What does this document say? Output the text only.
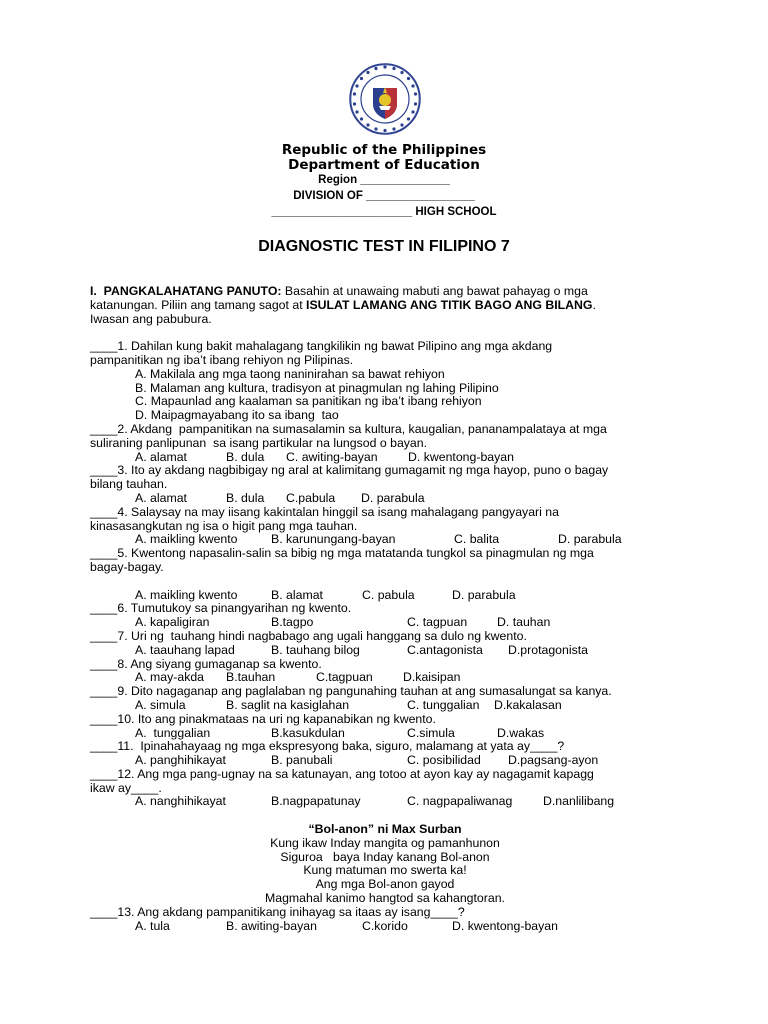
Republic of the Philippines
Department of Education
Region ______________
DIVISION OF _________________
______________________ HIGH SCHOOL
DIAGNOSTIC TEST IN FILIPINO 7
I.  PANGKALAHATANG PANUTO: Basahin at unawaing mabuti ang bawat pahayag o mga
katanungan. Piliin ang tamang sagot at ISULAT LAMANG ANG TITIK BAGO ANG BILANG.
Iwasan ang pabubura.
____1. Dahilan kung bakit mahalagang tangkilikin ng bawat Pilipino ang mga akdang
pampanitikan ng iba’t ibang rehiyon ng Pilipinas.
A. Makilala ang mga taong naninirahan sa bawat rehiyon
B. Malaman ang kultura, tradisyon at pinagmulan ng lahing Pilipino
C. Mapaunlad ang kaalaman sa panitikan ng iba’t ibang rehiyon
D. Maipagmayabang ito sa ibang  tao
____2. Akdang  pampanitikan na sumasalamin sa kultura, kaugalian, pananampalataya at mga
suliraning panlipunan  sa isang partikular na lungsod o bayan.
A. alamat	B. dula C. awiting-bayan D. kwentong-bayan
____3. Ito ay akdang nagbibigay ng aral at kalimitang gumagamit ng mga hayop, puno o bagay
bilang tauhan.
A. alamat	B. dula C.pabula D. parabula
____4. Salaysay na may iisang kakintalan hinggil sa isang mahalagang pangyayari na
kinasasangkutan ng isa o higit pang mga tauhan.
A. maikling kwento	B. karunungang-bayan	C. balita	D. parabula
____5. Kwentong napasalin-salin sa bibig ng mga matatanda tungkol sa pinagmulan ng mga
bagay-bagay.
A. maikling kwento	B. alamat	C. pabula	D. parabula
____6. Tumutukoy sa pinangyarihan ng kwento.
A. kapaligiran	B.tagpo	C. tagpuan D. tauhan
____7. Uri ng  tauhang hindi nagbabago ang ugali hanggang sa dulo ng kwento.
A. taauhang lapad	B. tauhang bilog	C.antagonista D.protagonista
____8. Ang siyang gumaganap sa kwento.
A. may-akda B.tauhan	C.tagpuan D.kaisipan
____9. Dito nagaganap ang paglalaban ng pangunahing tauhan at ang sumasalungat sa kanya.
A. simula	B. saglit na kasiglahan	C. tunggalian D.kakalasan
____10. Ito ang pinakmataas na uri ng kapanabikan ng kwento.
A.  tunggalian	B.kasukdulan	C.simula	D.wakas
____11.  Ipinahahayaag ng mga ekspresyong baka, siguro, malamang at yata ay____?
A. panghihikayat	B. panubali	C. posibilidad D.pagsang-ayon
____12. Ang mga pang-ugnay na sa katunayan, ang totoo at ayon kay ay nagagamit kapagg
ikaw ay____.
A. nanghihikayat	B.nagpapatunay	C. nagpapaliwanag D.nanlilibang
“Bol-anon” ni Max Surban
Kung ikaw Inday mangita og pamanhunon
Siguroa   baya Inday kanang Bol-anon
Kung matuman mo swerta ka!
Ang mga Bol-anon gayod
Magmahal kanimo hangtod sa kahangtoran.
____13. Ang akdang pampanitikang inihayag sa itaas ay isang____?
A. tula	B. awiting-bayan	C.korido	D. kwentong-bayan
